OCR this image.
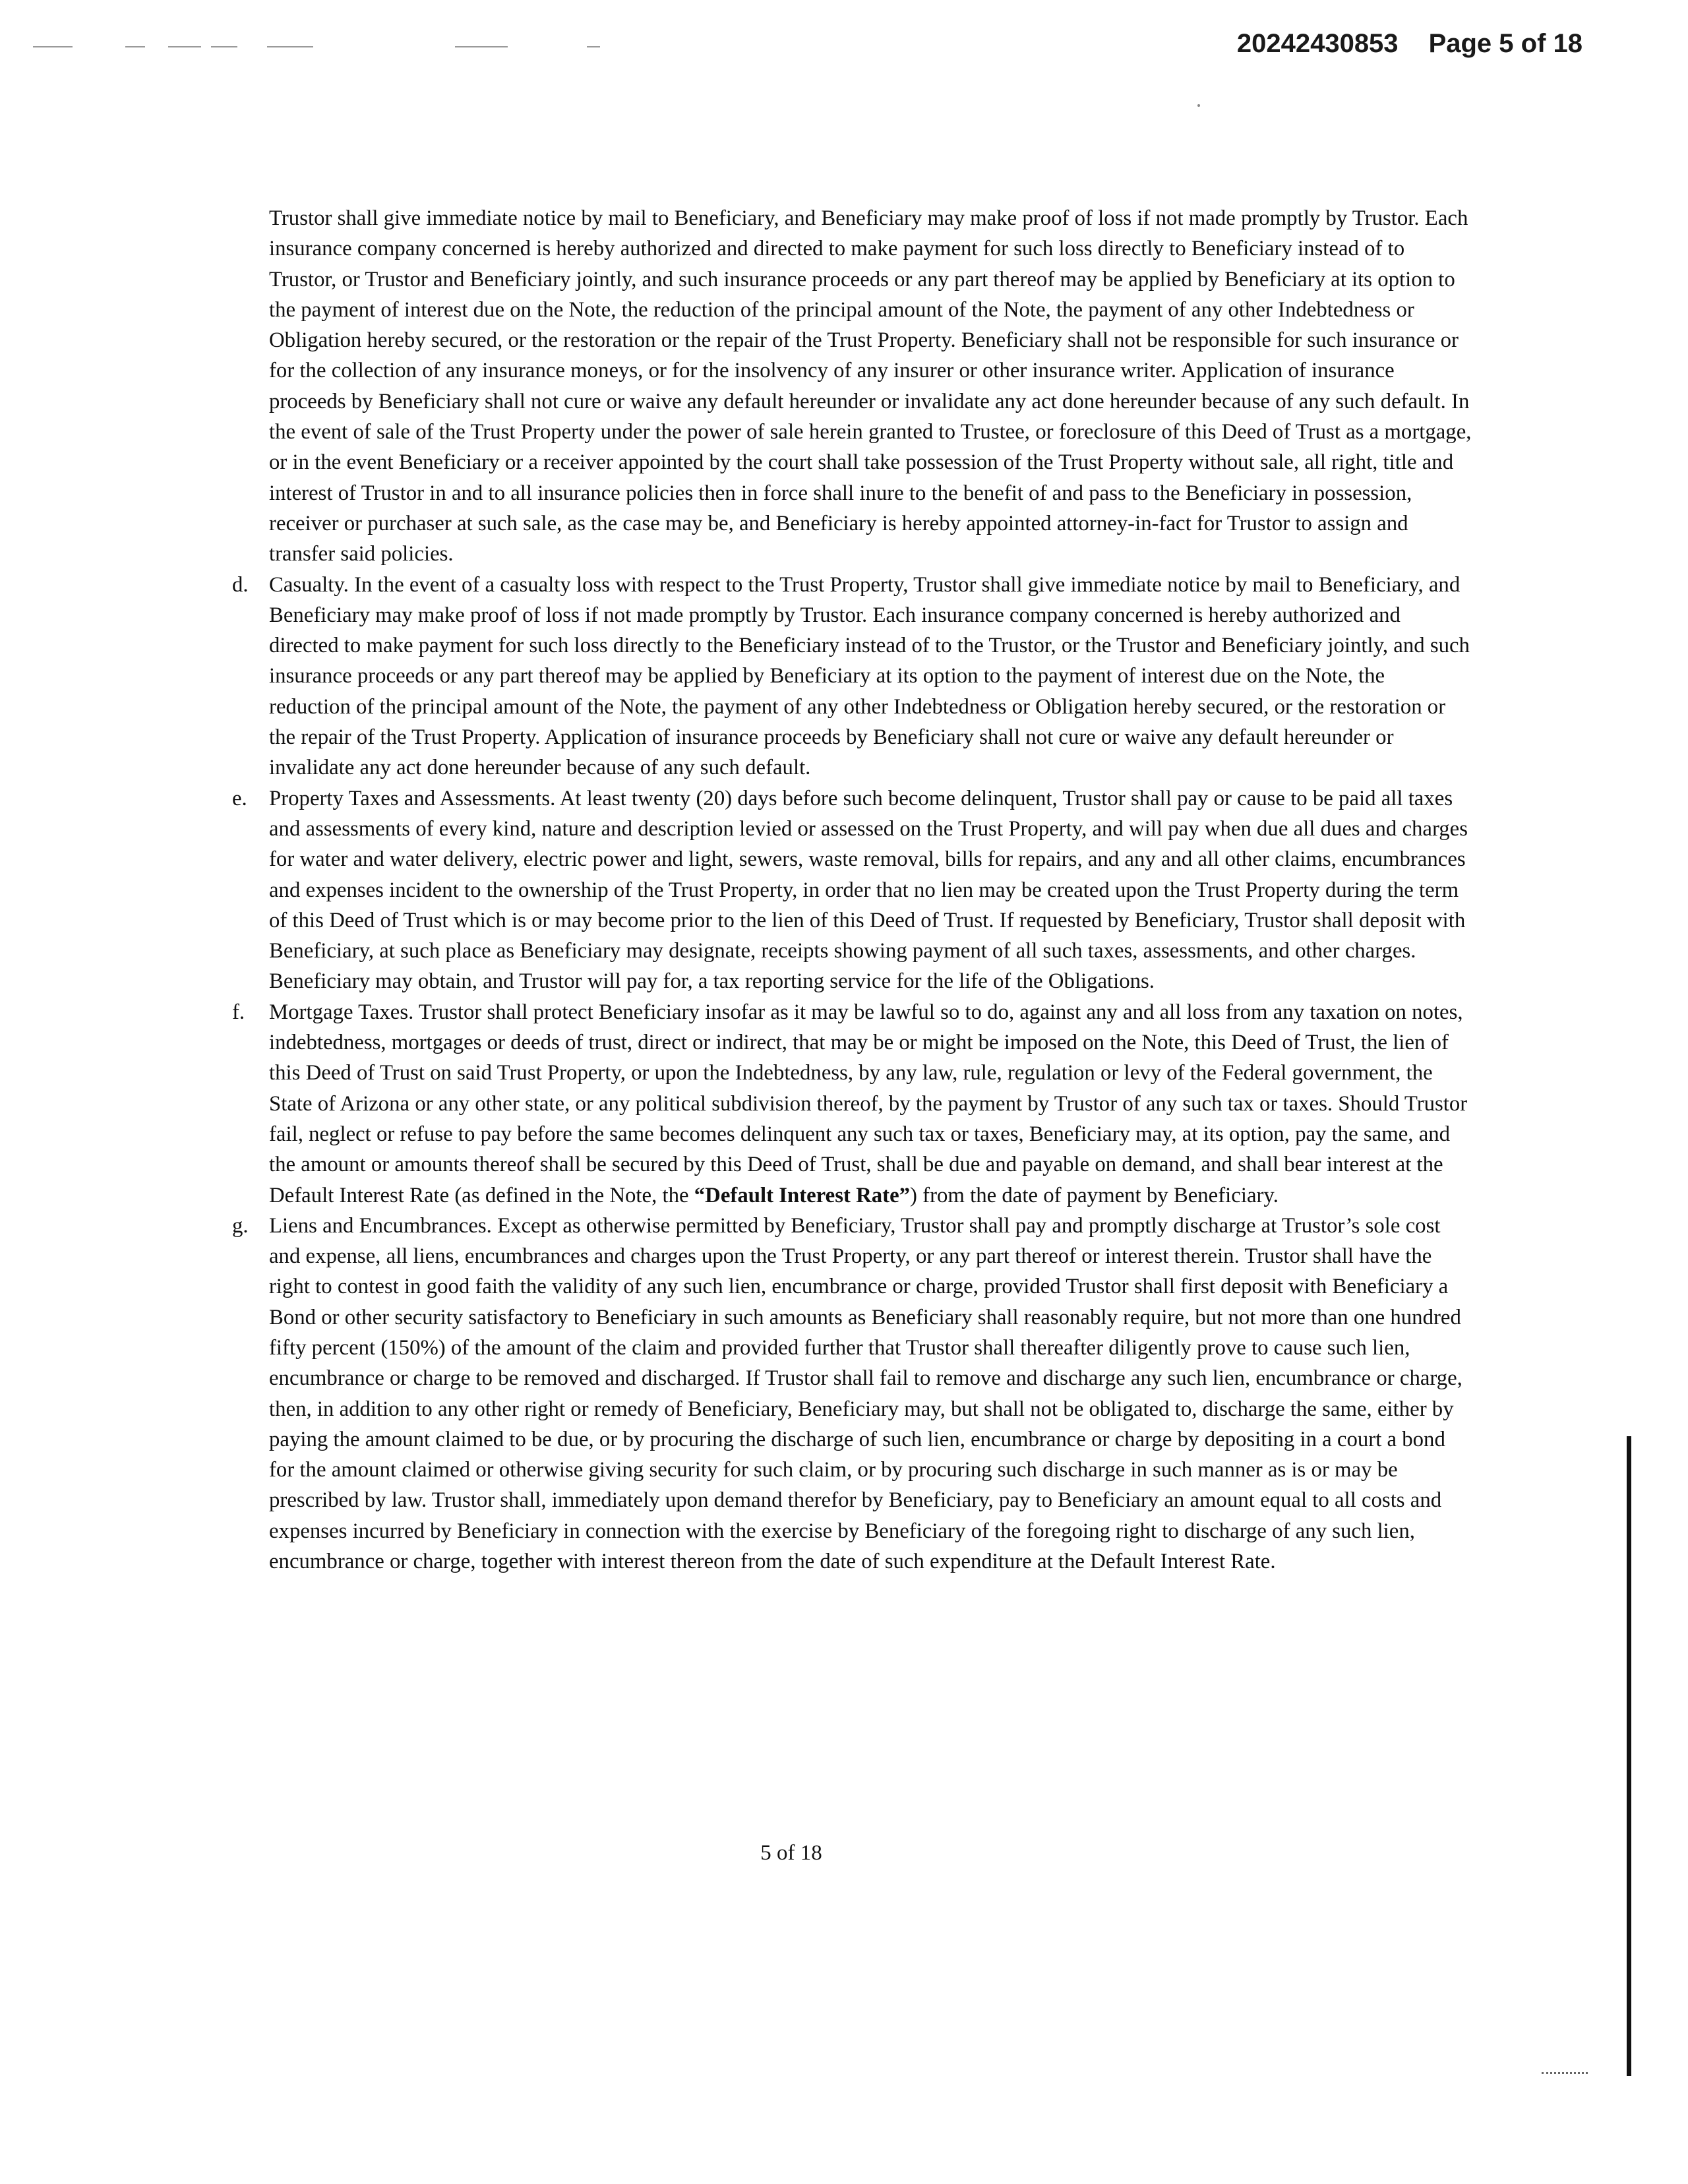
20242430853 Page 5 of 18

Trustor shall give immediate notice by mail to Beneficiary, and Beneficiary may make proof of loss if not made promptly by Trustor. Each insurance company concerned is hereby authorized and directed to make payment for such loss directly to Beneficiary instead of to Trustor, or Trustor and Beneficiary jointly, and such insurance proceeds or any part thereof may be applied by Beneficiary at its option to the payment of interest due on the Note, the reduction of the principal amount of the Note, the payment of any other Indebtedness or Obligation hereby secured, or the restoration or the repair of the Trust Property. Beneficiary shall not be responsible for such insurance or for the collection of any insurance moneys, or for the insolvency of any insurer or other insurance writer. Application of insurance proceeds by Beneficiary shall not cure or waive any default hereunder or invalidate any act done hereunder because of any such default. In the event of sale of the Trust Property under the power of sale herein granted to Trustee, or foreclosure of this Deed of Trust as a mortgage, or in the event Beneficiary or a receiver appointed by the court shall take possession of the Trust Property without sale, all right, title and interest of Trustor in and to all insurance policies then in force shall inure to the benefit of and pass to the Beneficiary in possession, receiver or purchaser at such sale, as the case may be, and Beneficiary is hereby appointed attorney-in-fact for Trustor to assign and transfer said policies.

d. Casualty. In the event of a casualty loss with respect to the Trust Property, Trustor shall give immediate notice by mail to Beneficiary, and Beneficiary may make proof of loss if not made promptly by Trustor. Each insurance company concerned is hereby authorized and directed to make payment for such loss directly to the Beneficiary instead of to the Trustor, or the Trustor and Beneficiary jointly, and such insurance proceeds or any part thereof may be applied by Beneficiary at its option to the payment of interest due on the Note, the reduction of the principal amount of the Note, the payment of any other Indebtedness or Obligation hereby secured, or the restoration or the repair of the Trust Property. Application of insurance proceeds by Beneficiary shall not cure or waive any default hereunder or invalidate any act done hereunder because of any such default.
e. Property Taxes and Assessments. At least twenty (20) days before such become delinquent, Trustor shall pay or cause to be paid all taxes and assessments of every kind, nature and description levied or assessed on the Trust Property, and will pay when due all dues and charges for water and water delivery, electric power and light, sewers, waste removal, bills for repairs, and any and all other claims, encumbrances and expenses incident to the ownership of the Trust Property, in order that no lien may be created upon the Trust Property during the term of this Deed of Trust which is or may become prior to the lien of this Deed of Trust. If requested by Beneficiary, Trustor shall deposit with Beneficiary, at such place as Beneficiary may designate, receipts showing payment of all such taxes, assessments, and other charges. Beneficiary may obtain, and Trustor will pay for, a tax reporting service for the life of the Obligations.
f. Mortgage Taxes. Trustor shall protect Beneficiary insofar as it may be lawful so to do, against any and all loss from any taxation on notes, indebtedness, mortgages or deeds of trust, direct or indirect, that may be or might be imposed on the Note, this Deed of Trust, the lien of this Deed of Trust on said Trust Property, or upon the Indebtedness, by any law, rule, regulation or levy of the Federal government, the State of Arizona or any other state, or any political subdivision thereof, by the payment by Trustor of any such tax or taxes. Should Trustor fail, neglect or refuse to pay before the same becomes delinquent any such tax or taxes, Beneficiary may, at its option, pay the same, and the amount or amounts thereof shall be secured by this Deed of Trust, shall be due and payable on demand, and shall bear interest at the Default Interest Rate (as defined in the Note, the “Default Interest Rate”) from the date of payment by Beneficiary.
g. Liens and Encumbrances. Except as otherwise permitted by Beneficiary, Trustor shall pay and promptly discharge at Trustor’s sole cost and expense, all liens, encumbrances and charges upon the Trust Property, or any part thereof or interest therein. Trustor shall have the right to contest in good faith the validity of any such lien, encumbrance or charge, provided Trustor shall first deposit with Beneficiary a Bond or other security satisfactory to Beneficiary in such amounts as Beneficiary shall reasonably require, but not more than one hundred fifty percent (150%) of the amount of the claim and provided further that Trustor shall thereafter diligently prove to cause such lien, encumbrance or charge to be removed and discharged. If Trustor shall fail to remove and discharge any such lien, encumbrance or charge, then, in addition to any other right or remedy of Beneficiary, Beneficiary may, but shall not be obligated to, discharge the same, either by paying the amount claimed to be due, or by procuring the discharge of such lien, encumbrance or charge by depositing in a court a bond for the amount claimed or otherwise giving security for such claim, or by procuring such discharge in such manner as is or may be prescribed by law. Trustor shall, immediately upon demand therefor by Beneficiary, pay to Beneficiary an amount equal to all costs and expenses incurred by Beneficiary in connection with the exercise by Beneficiary of the foregoing right to discharge of any such lien, encumbrance or charge, together with interest thereon from the date of such expenditure at the Default Interest Rate.
5 of 18
